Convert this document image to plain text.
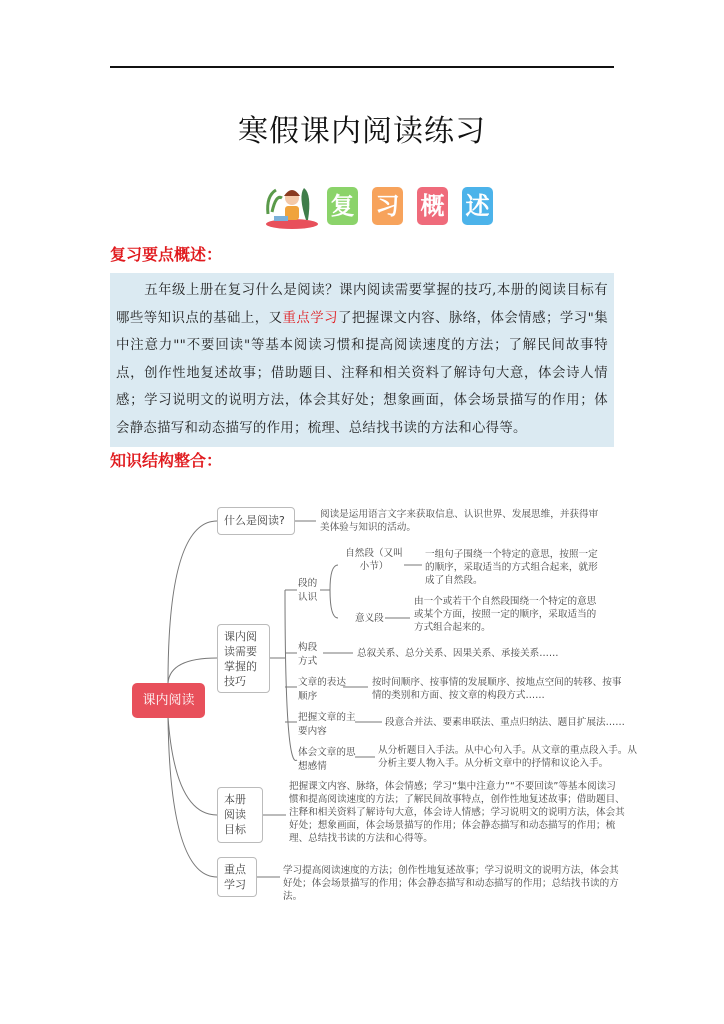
寒假课内阅读练习
复 习 概 述
复习要点概述：
五年级上册在复习什么是阅读？课内阅读需要掌握的技巧,本册的阅读目标有哪些等知识点的基础上，又重点学习了把握课文内容、脉络，体会情感；学习"集中注意力""不要回读"等基本阅读习惯和提高阅读速度的方法；了解民间故事特点，创作性地复述故事；借助题目、注释和相关资料了解诗句大意，体会诗人情感；学习说明文的说明方法，体会其好处；想象画面，体会场景描写的作用；体会静态描写和动态描写的作用；梳理、总结找书读的方法和心得等。
知识结构整合：
课内阅读
什么是阅读?	阅读是运用语言文字来获取信息、认识世界、发展思维，并获得审美体验与知识的活动。
课内阅读需要掌握的技巧
段的认识
自然段（又叫小节）
一组句子围绕一个特定的意思，按照一定的顺序，采取适当的方式组合起来，就形成了自然段。
意义段
由一个或若干个自然段围绕一个特定的意思或某个方面，按照一定的顺序，采取适当的方式组合起来的。
构段方式
总叙关系、总分关系、因果关系、承接关系……
文章的表达顺序
按时间顺序、按事情的发展顺序、按地点空间的转移、按事情的类别和方面、按文章的构段方式……
把握文章的主要内容
段意合并法、要素串联法、重点归纳法、题目扩展法……
体会文章的思想感情
从分析题目入手法。从中心句入手。从文章的重点段入手。从分析主要人物入手。从分析文章中的抒情和议论入手。
本册阅读目标
把握课文内容、脉络，体会情感；学习“集中注意力”“不要回读”等基本阅读习惯和提高阅读速度的方法；了解民间故事特点，创作性地复述故事；借助题目、注释和相关资料了解诗句大意，体会诗人情感；学习说明文的说明方法，体会其好处；想象画面，体会场景描写的作用；体会静态描写和动态描写的作用；梳理、总结找书读的方法和心得等。
重点学习
学习提高阅读速度的方法；创作性地复述故事；学习说明文的说明方法，体会其好处；体会场景描写的作用；体会静态描写和动态描写的作用；总结找书读的方法。
